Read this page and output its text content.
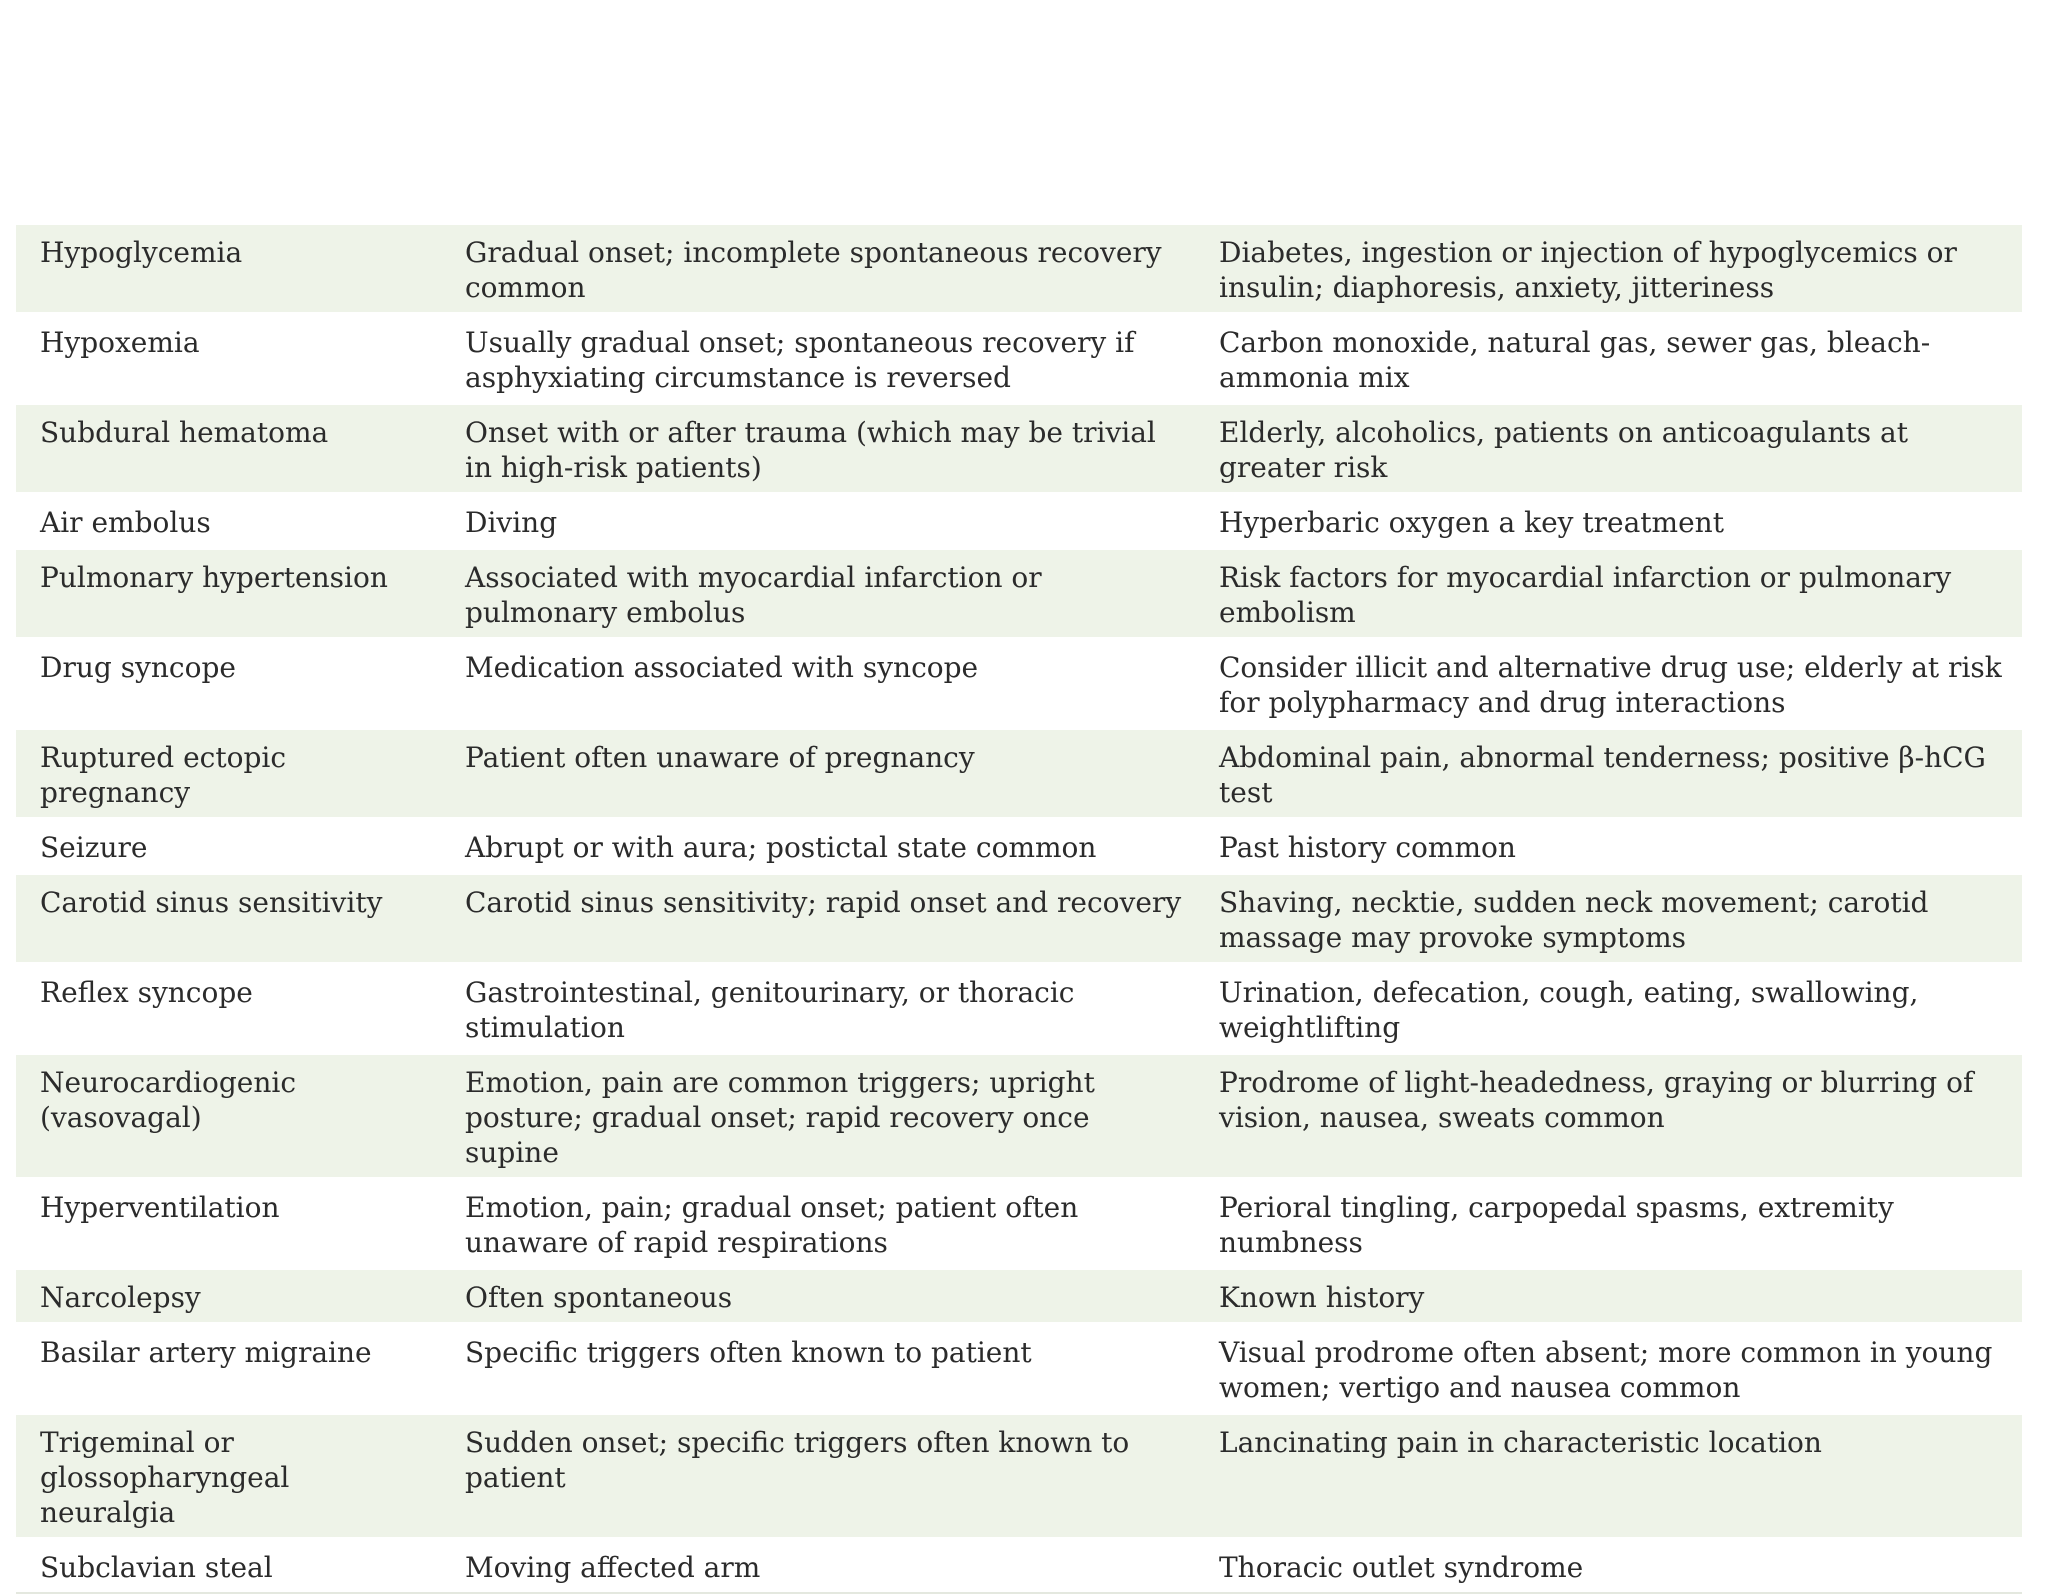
Hypoglycemia	Gradual onset; incomplete spontaneous recovery common	Diabetes, ingestion or injection of hypoglycemics or insulin; diaphoresis, anxiety, jitteriness
Hypoxemia	Usually gradual onset; spontaneous recovery if asphyxiating circumstance is reversed	Carbon monoxide, natural gas, sewer gas, bleach-ammonia mix
Subdural hematoma	Onset with or after trauma (which may be trivial in high-risk patients)	Elderly, alcoholics, patients on anticoagulants at greater risk
Air embolus	Diving	Hyperbaric oxygen a key treatment
Pulmonary hypertension	Associated with myocardial infarction or pulmonary embolus	Risk factors for myocardial infarction or pulmonary embolism
Drug syncope	Medication associated with syncope	Consider illicit and alternative drug use; elderly at risk for polypharmacy and drug interactions
Ruptured ectopic pregnancy	Patient often unaware of pregnancy	Abdominal pain, abnormal tenderness; positive β-hCG test
Seizure	Abrupt or with aura; postictal state common	Past history common
Carotid sinus sensitivity	Carotid sinus sensitivity; rapid onset and recovery	Shaving, necktie, sudden neck movement; carotid massage may provoke symptoms
Reflex syncope	Gastrointestinal, genitourinary, or thoracic stimulation	Urination, defecation, cough, eating, swallowing, weightlifting
Neurocardiogenic (vasovagal)	Emotion, pain are common triggers; upright posture; gradual onset; rapid recovery once supine	Prodrome of light-headedness, graying or blurring of vision, nausea, sweats common
Hyperventilation	Emotion, pain; gradual onset; patient often unaware of rapid respirations	Perioral tingling, carpopedal spasms, extremity numbness
Narcolepsy	Often spontaneous	Known history
Basilar artery migraine	Specific triggers often known to patient	Visual prodrome often absent; more common in young women; vertigo and nausea common
Trigeminal or glossopharyngeal neuralgia	Sudden onset; specific triggers often known to patient	Lancinating pain in characteristic location
Subclavian steal	Moving affected arm	Thoracic outlet syndrome
